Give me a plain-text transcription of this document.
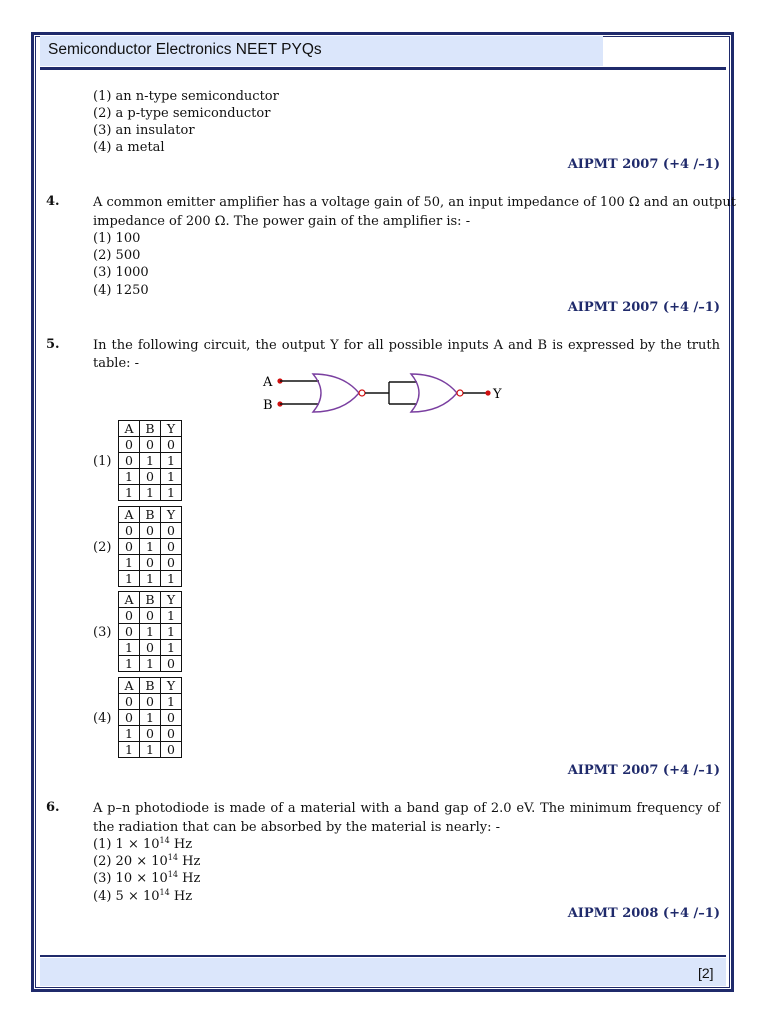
Semiconductor Electronics NEET PYQs
[2]
(1) an n-type semiconductor
(2) a p-type semiconductor
(3) an insulator
(4) a metal
AIPMT 2007 (+4 /–1)
4.	A common emitter amplifier has a voltage gain of 50, an input impedance of 100 Ω and an output
impedance of 200 Ω. The power gain of the amplifier is: -
(1) 100
(2) 500
(3) 1000
(4) 1250
AIPMT 2007 (+4 /–1)
5.	In the following circuit, the output Y for all possible inputs A and B is expressed by the truth
table: -
A
B
Y
(1)
A	B	Y
0	0	0
0	1	1
1	0	1
1	1	1
(2)
A	B	Y
0	0	0
0	1	0
1	0	0
1	1	1
(3)
A	B	Y
0	0	1
0	1	1
1	0	1
1	1	0
(4)
A	B	Y
0	0	1
0	1	0
1	0	0
1	1	0
AIPMT 2007 (+4 /–1)
6.	A p–n photodiode is made of a material with a band gap of 2.0 eV. The minimum frequency of
the radiation that can be absorbed by the material is nearly: -
(1) $1 \times 10^{14}$ Hz
(2) $20 \times 10^{14}$ Hz
(3) $10 \times 10^{14}$ Hz
(4) $5 \times 10^{14}$ Hz
AIPMT 2008 (+4 /–1)
